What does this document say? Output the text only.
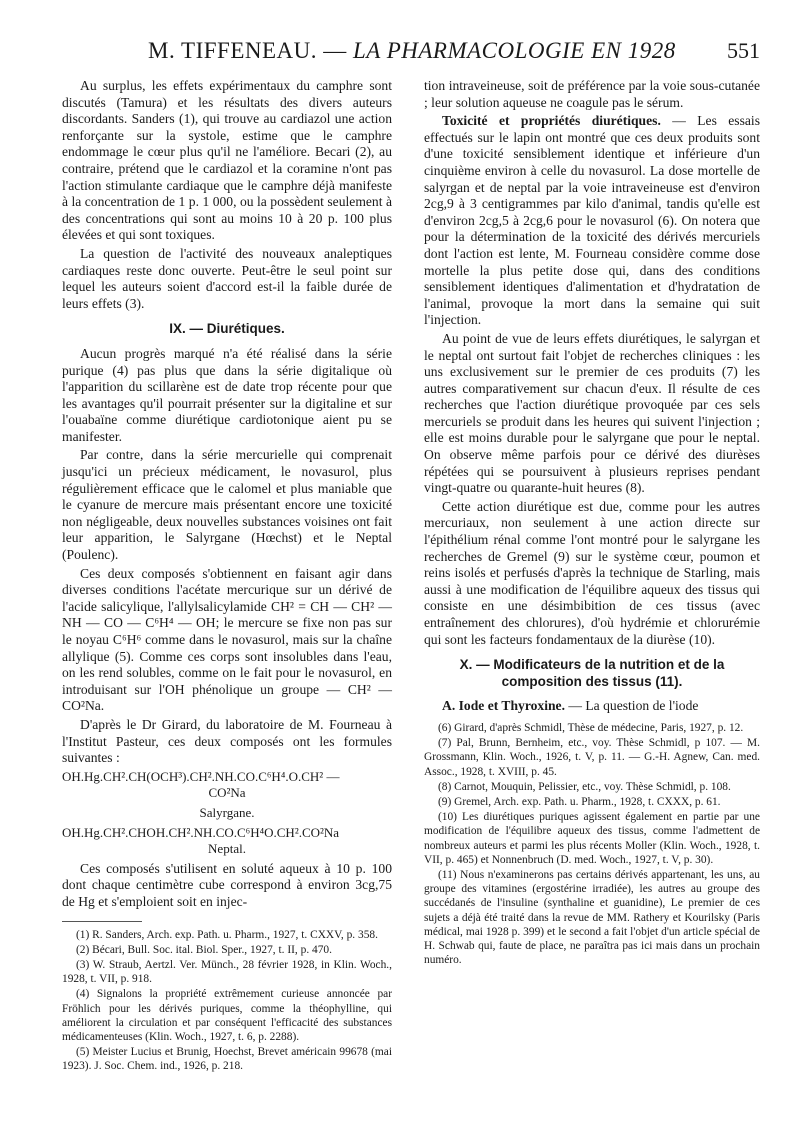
M. TIFFENEAU. — LA PHARMACOLOGIE EN 1928 551

Au surplus, les effets expérimentaux du camphre sont discutés (Tamura) et les résultats des divers auteurs discordants. Sanders (1), qui trouve au cardiazol une action renforçante sur la systole, estime que le camphre endommage le cœur plus qu'il ne l'améliore. Becari (2), au contraire, prétend que le cardiazol et la coramine n'ont pas l'action stimulante cardiaque que le camphre déjà manifeste à la concentration de 1 p. 1 000, ou la possèdent seulement à des concentrations qui sont au moins 10 à 20 p. 100 plus élevées et qui sont toxiques.

La question de l'activité des nouveaux analeptiques cardiaques reste donc ouverte. Peut-être le seul point sur lequel les auteurs soient d'accord est-il la faible durée de leurs effets (3).

IX. — Diurétiques.

Aucun progrès marqué n'a été réalisé dans la série purique (4) pas plus que dans la série digitalique où l'apparition du scillarène est de date trop récente pour que les avantages qu'il pourrait présenter sur la digitaline et sur l'ouabaïne comme diurétique cardiotonique aient pu se manifester.

Par contre, dans la série mercurielle qui comprenait jusqu'ici un précieux médicament, le novasurol, plus régulièrement efficace que le calomel et plus maniable que le cyanure de mercure mais présentant encore une toxicité non négligeable, deux nouvelles substances voisines ont fait leur apparition, le Salyrgane (Hœchst) et le Neptal (Poulenc).

Ces deux composés s'obtiennent en faisant agir dans diverses conditions l'acétate mercurique sur un dérivé de l'acide salicylique, l'allylsalicylamide CH² = CH — CH² — NH — CO — C⁶H⁴ — OH; le mercure se fixe non pas sur le noyau C⁶H⁶ comme dans le novasurol, mais sur la chaîne allylique (5). Comme ces corps sont insolubles dans l'eau, on les rend solubles, comme on le fait pour le novasurol, en introduisant sur l'OH phénolique un groupe — CH² — CO²Na.

D'après le Dr Girard, du laboratoire de M. Fourneau à l'Institut Pasteur, ces deux composés ont les formules suivantes :

OH.Hg.CH².CH(OCH³).CH².NH.CO.C⁶H⁴.O.CH² —

CO²Na

Salyrgane.

OH.Hg.CH².CHOH.CH².NH.CO.C⁶H⁴O.CH².CO²Na

Neptal.

Ces composés s'utilisent en soluté aqueux à 10 p. 100 dont chaque centimètre cube correspond à environ 3cg,75 de Hg et s'emploient soit en injec-

(1) R. Sanders, Arch. exp. Path. u. Pharm., 1927, t. CXXV, p. 358.

(2) Bécari, Bull. Soc. ital. Biol. Sper., 1927, t. II, p. 470.

(3) W. Straub, Aertzl. Ver. Münch., 28 février 1928, in Klin. Woch., 1928, t. VII, p. 918.

(4) Signalons la propriété extrêmement curieuse annoncée par Fröhlich pour les dérivés puriques, comme la théophylline, qui améliorent la circulation et par conséquent l'efficacité des substances médicamenteuses (Klin. Woch., 1927, t. 6, p. 2288).

(5) Meister Lucius et Brunig, Hoechst, Brevet américain 99678 (mai 1923). J. Soc. Chem. ind., 1926, p. 218.

tion intraveineuse, soit de préférence par la voie sous-cutanée ; leur solution aqueuse ne coagule pas le sérum.

Toxicité et propriétés diurétiques. — Les essais effectués sur le lapin ont montré que ces deux produits sont d'une toxicité sensiblement identique et inférieure d'un cinquième environ à celle du novasurol. La dose mortelle de salyrgan et de neptal par la voie intraveineuse est d'environ 2cg,9 à 3 centigrammes par kilo d'animal, tandis qu'elle est d'environ 2cg,5 à 2cg,6 pour le novasurol (6). On notera que pour la détermination de la toxicité des dérivés mercuriels dont l'action est lente, M. Fourneau considère comme dose mortelle la plus petite dose qui, dans des conditions sensiblement identiques d'alimentation et d'hydratation de l'animal, provoque la mort dans la semaine qui suit l'injection.

Au point de vue de leurs effets diurétiques, le salyrgan et le neptal ont surtout fait l'objet de recherches cliniques : les uns exclusivement sur le premier de ces produits (7) les autres comparativement sur chacun d'eux. Il résulte de ces recherches que l'action diurétique provoquée par ces sels mercuriels se produit dans les heures qui suivent l'injection ; elle est moins durable pour le salyrgane que pour le neptal. On observe même parfois pour ce dérivé des diurèses répétées qui se poursuivent à plusieurs reprises pendant vingt-quatre ou quarante-huit heures (8).

Cette action diurétique est due, comme pour les autres mercuriaux, non seulement à une action directe sur l'épithélium rénal comme l'ont montré pour le salyrgane les recherches de Gremel (9) sur le système cœur, poumon et reins isolés et perfusés d'après la technique de Starling, mais aussi à une modification de l'équilibre aqueux des tissus qui consiste en une désimbibition de ces tissus (avec entraînement des chlorures), d'où hydrémie et chlorurémie qui sont les facteurs fondamentaux de la diurèse (10).

X. — Modificateurs de la nutrition et de la composition des tissus (11).

A. Iode et Thyroxine. — La question de l'iode

(6) Girard, d'après Schmidl, Thèse de médecine, Paris, 1927, p. 12.

(7) Pal, Brunn, Bernheim, etc., voy. Thèse Schmidl, p 107. — M. Grossmann, Klin. Woch., 1926, t. V, p. 11. — G.-H. Agnew, Can. med. Assoc., 1928, t. XVIII, p. 45.

(8) Carnot, Mouquin, Pelissier, etc., voy. Thèse Schmidl, p. 108.

(9) Gremel, Arch. exp. Path. u. Pharm., 1928, t. CXXX, p. 61.

(10) Les diurétiques puriques agissent également en partie par une modification de l'équilibre aqueux des tissus, comme l'admettent de nombreux auteurs et parmi les plus récents Moller (Klin. Woch., 1928, t. VII, p. 465) et Nonnenbruch (D. med. Woch., 1927, t. V, p. 30).

(11) Nous n'examinerons pas certains dérivés appartenant, les uns, au groupe des vitamines (ergostérine irradiée), les autres au groupe des succédanés de l'insuline (synthaline et guanidine), Le premier de ces sujets a déjà été traité dans la revue de MM. Rathery et Kourilsky (Paris médical, mai 1928 p. 399) et le second a fait l'objet d'un article spécial de H. Schwab qui, faute de place, ne paraîtra pas ici mais dans un prochain numéro.
